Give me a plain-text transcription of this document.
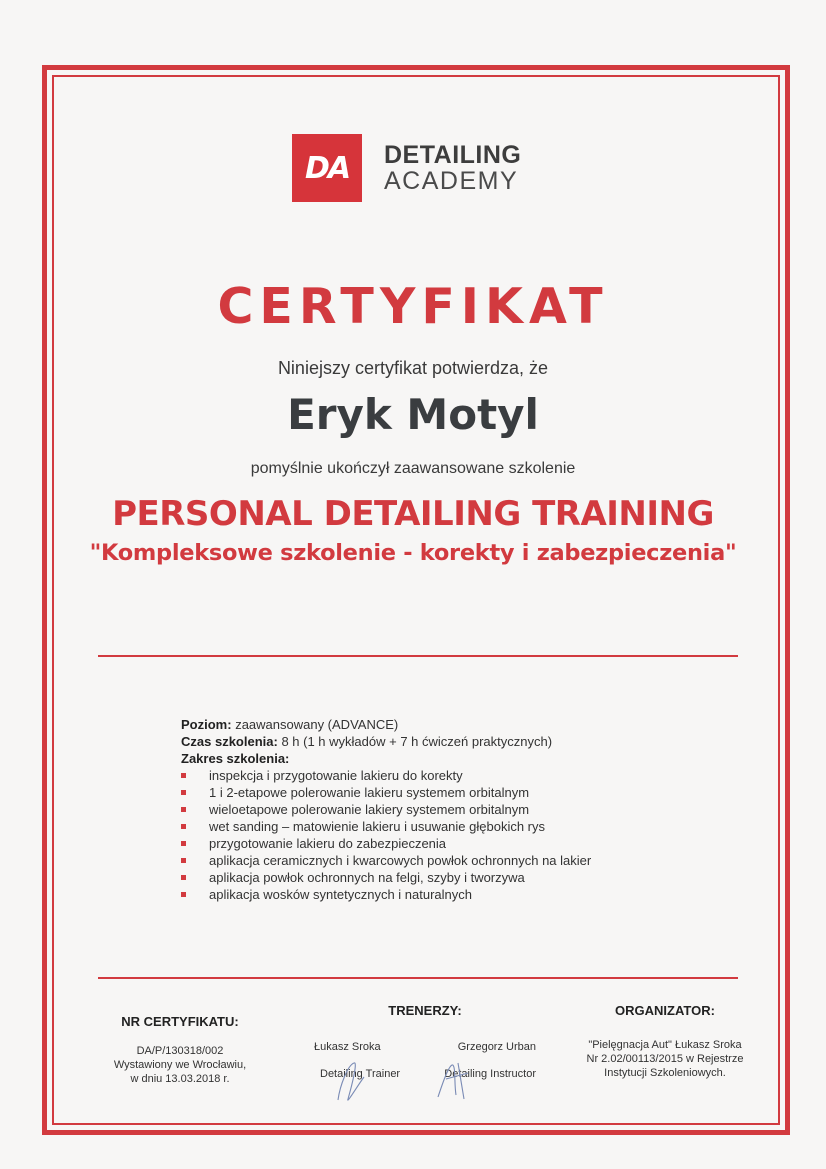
DA	DETAILING
ACADEMY
CERTYFIKAT
Niniejszy certyfikat potwierdza, że
Eryk Motyl
pomyślnie ukończył zaawansowane szkolenie
PERSONAL DETAILING TRAINING
"Kompleksowe szkolenie - korekty i zabezpieczenia"
Poziom: zaawansowany (ADVANCE)
Czas szkolenia: 8 h (1 h wykładów + 7 h ćwiczeń praktycznych)
Zakres szkolenia:
inspekcja i przygotowanie lakieru do korekty
1 i 2-etapowe polerowanie lakieru systemem orbitalnym
wieloetapowe polerowanie lakiery systemem orbitalnym
wet sanding – matowienie lakieru i usuwanie głębokich rys
przygotowanie lakieru do zabezpieczenia
aplikacja ceramicznych i kwarcowych powłok ochronnych na lakier
aplikacja powłok ochronnych na felgi, szyby i tworzywa
aplikacja wosków syntetycznych i naturalnych
NR CERTYFIKATU:
DA/P/130318/002
Wystawiony we Wrocławiu,
w dniu 13.03.2018 r.
TRENERZY:
Łukasz Sroka	Grzegorz Urban
Detailing Trainer	Detailing Instructor
ORGANIZATOR:
"Pielęgnacja Aut" Łukasz Sroka
Nr 2.02/00113/2015 w Rejestrze
Instytucji Szkoleniowych.
